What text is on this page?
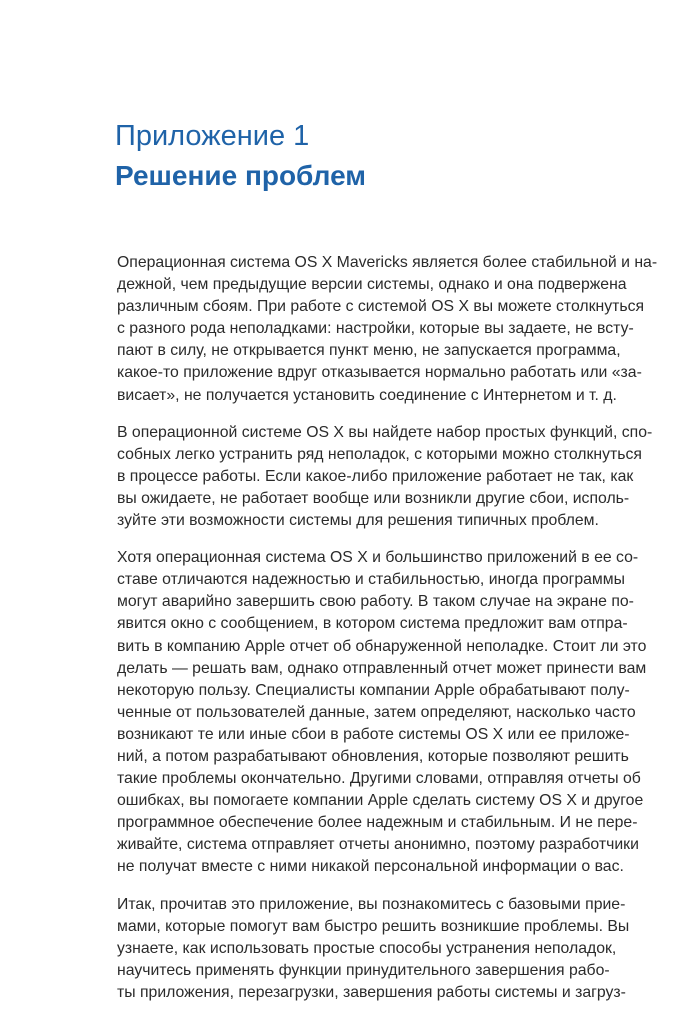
Приложение 1
Решение проблем
Операционная система OS X Mavericks является более стабильной и на-
дежной, чем предыдущие версии системы, однако и она подвержена
различным сбоям. При работе с системой OS X вы можете столкнуться
с разного рода неполадками: настройки, которые вы задаете, не всту-
пают в силу, не открывается пункт меню, не запускается программа,
какое-то приложение вдруг отказывается нормально работать или «за-
висает», не получается установить соединение с Интернетом и т. д.
В операционной системе OS X вы найдете набор простых функций, спо-
собных легко устранить ряд неполадок, с которыми можно столкнуться
в процессе работы. Если какое-либо приложение работает не так, как
вы ожидаете, не работает вообще или возникли другие сбои, исполь-
зуйте эти возможности системы для решения типичных проблем.
Хотя операционная система OS X и большинство приложений в ее со-
ставе отличаются надежностью и стабильностью, иногда программы
могут аварийно завершить свою работу. В таком случае на экране по-
явится окно с сообщением, в котором система предложит вам отпра-
вить в компанию Apple отчет об обнаруженной неполадке. Стоит ли это
делать — решать вам, однако отправленный отчет может принести вам
некоторую пользу. Специалисты компании Apple обрабатывают полу-
ченные от пользователей данные, затем определяют, насколько часто
возникают те или иные сбои в работе системы OS X или ее приложе-
ний, а потом разрабатывают обновления, которые позволяют решить
такие проблемы окончательно. Другими словами, отправляя отчеты об
ошибках, вы помогаете компании Apple сделать систему OS X и другое
программное обеспечение более надежным и стабильным. И не пере-
живайте, система отправляет отчеты анонимно, поэтому разработчики
не получат вместе с ними никакой персональной информации о вас.
Итак, прочитав это приложение, вы познакомитесь с базовыми прие-
мами, которые помогут вам быстро решить возникшие проблемы. Вы
узнаете, как использовать простые способы устранения неполадок,
научитесь применять функции принудительного завершения рабо-
ты приложения, перезагрузки, завершения работы системы и загруз-
